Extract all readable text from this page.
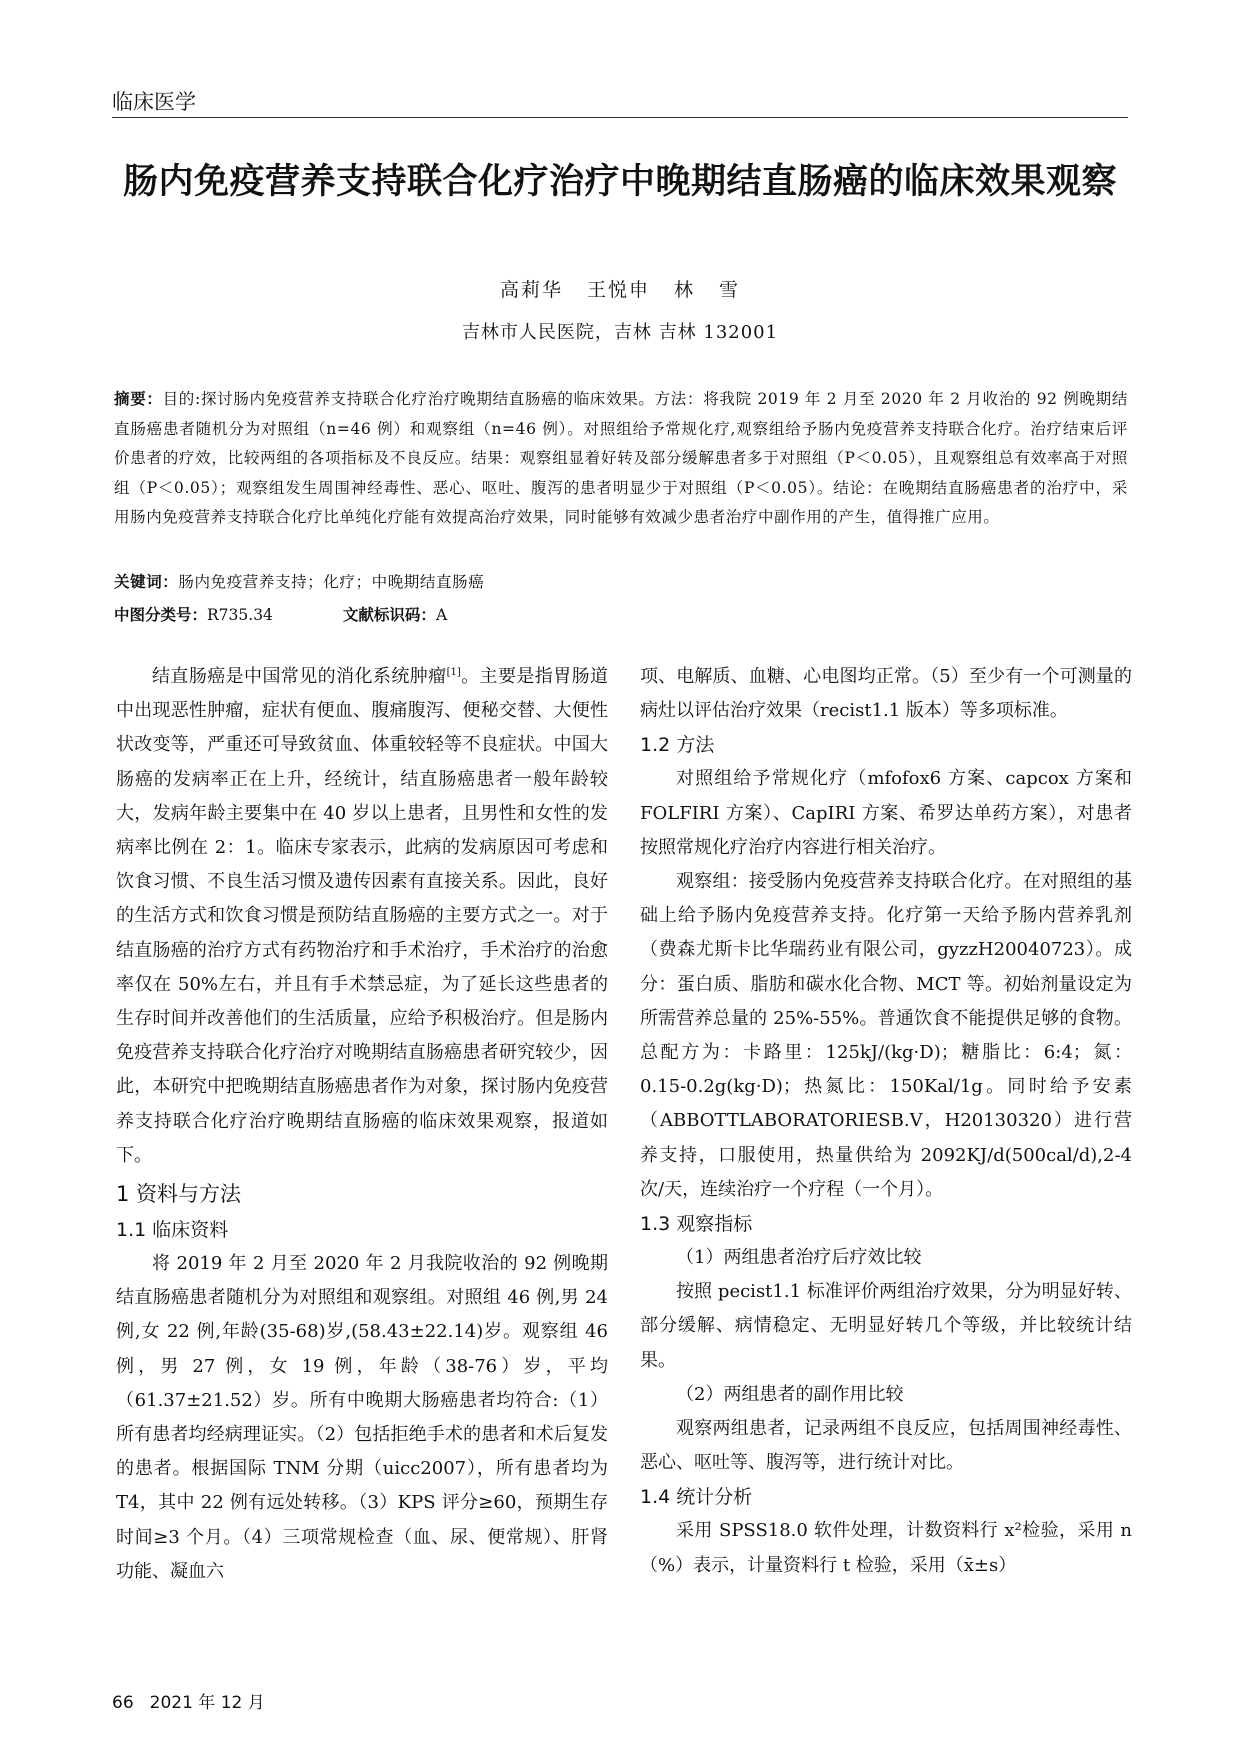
临床医学
肠内免疫营养支持联合化疗治疗中晚期结直肠癌的临床效果观察
高莉华 王悦申 林 雪
吉林市人民医院，吉林 吉林 132001
摘要：目的:探讨肠内免疫营养支持联合化疗治疗晚期结直肠癌的临床效果。方法：将我院 2019 年 2 月至 2020 年 2 月收治的 92 例晚期结直肠癌患者随机分为对照组（n=46 例）和观察组（n=46 例）。对照组给予常规化疗,观察组给予肠内免疫营养支持联合化疗。治疗结束后评价患者的疗效，比较两组的各项指标及不良反应。结果：观察组显着好转及部分缓解患者多于对照组（P＜0.05），且观察组总有效率高于对照组（P＜0.05）；观察组发生周围神经毒性、恶心、呕吐、腹泻的患者明显少于对照组（P＜0.05）。结论：在晚期结直肠癌患者的治疗中，采用肠内免疫营养支持联合化疗比单纯化疗能有效提高治疗效果，同时能够有效减少患者治疗中副作用的产生，值得推广应用。
关键词：肠内免疫营养支持；化疗；中晚期结直肠癌
中图分类号：R735.34	文献标识码：A

结直肠癌是中国常见的消化系统肿瘤[1]。主要是指胃肠道中出现恶性肿瘤，症状有便血、腹痛腹泻、便秘交替、大便性状改变等，严重还可导致贫血、体重较轻等不良症状。中国大肠癌的发病率正在上升，经统计，结直肠癌患者一般年龄较大，发病年龄主要集中在 40 岁以上患者，且男性和女性的发病率比例在 2：1。临床专家表示，此病的发病原因可考虑和饮食习惯、不良生活习惯及遗传因素有直接关系。因此，良好的生活方式和饮食习惯是预防结直肠癌的主要方式之一。对于结直肠癌的治疗方式有药物治疗和手术治疗，手术治疗的治愈率仅在 50%左右，并且有手术禁忌症，为了延长这些患者的生存时间并改善他们的生活质量，应给予积极治疗。但是肠内免疫营养支持联合化疗治疗对晚期结直肠癌患者研究较少，因此，本研究中把晚期结直肠癌患者作为对象，探讨肠内免疫营养支持联合化疗治疗晚期结直肠癌的临床效果观察，报道如下。

1 资料与方法
1.1 临床资料

将 2019 年 2 月至 2020 年 2 月我院收治的 92 例晚期结直肠癌患者随机分为对照组和观察组。对照组 46 例,男 24 例,女 22 例,年龄(35-68)岁,(58.43±22.14)岁。观察组 46 例，男 27 例，女 19 例，年龄（38-76）岁，平均（61.37±21.52）岁。所有中晚期大肠癌患者均符合:（1）所有患者均经病理证实。（2）包括拒绝手术的患者和术后复发的患者。根据国际 TNM 分期（uicc2007），所有患者均为 T4，其中 22 例有远处转移。（3）KPS 评分≥60，预期生存时间≥3 个月。（4）三项常规检查（血、尿、便常规）、肝肾功能、凝血六

项、电解质、血糖、心电图均正常。（5）至少有一个可测量的病灶以评估治疗效果（recist1.1 版本）等多项标准。

1.2 方法

对照组给予常规化疗（mfofox6 方案、capcox 方案和 FOLFIRI 方案）、CapIRI 方案、希罗达单药方案），对患者按照常规化疗治疗内容进行相关治疗。

观察组：接受肠内免疫营养支持联合化疗。在对照组的基础上给予肠内免疫营养支持。化疗第一天给予肠内营养乳剂（费森尤斯卡比华瑞药业有限公司，gyzzH20040723）。成分：蛋白质、脂肪和碳水化合物、MCT 等。初始剂量设定为所需营养总量的 25%-55%。普通饮食不能提供足够的食物。总配方为：卡路里：125kJ/(kg·D)；糖脂比：6:4；氮：0.15-0.2g(kg·D)；热氮比：150Kal/1g。同时给予安素（ABBOTTLABORATORIESB.V，H20130320）进行营养支持，口服使用，热量供给为 2092KJ/d(500cal/d),2-4 次/天，连续治疗一个疗程（一个月）。

1.3 观察指标

（1）两组患者治疗后疗效比较

按照 pecist1.1 标准评价两组治疗效果，分为明显好转、部分缓解、病情稳定、无明显好转几个等级，并比较统计结果。

（2）两组患者的副作用比较

观察两组患者，记录两组不良反应，包括周围神经毒性、恶心、呕吐等、腹泻等，进行统计对比。

1.4 统计分析

采用 SPSS18.0 软件处理，计数资料行 x²检验，采用 n（%）表示，计量资料行 t 检验，采用（x̄±s）

66 2021 年 12 月
